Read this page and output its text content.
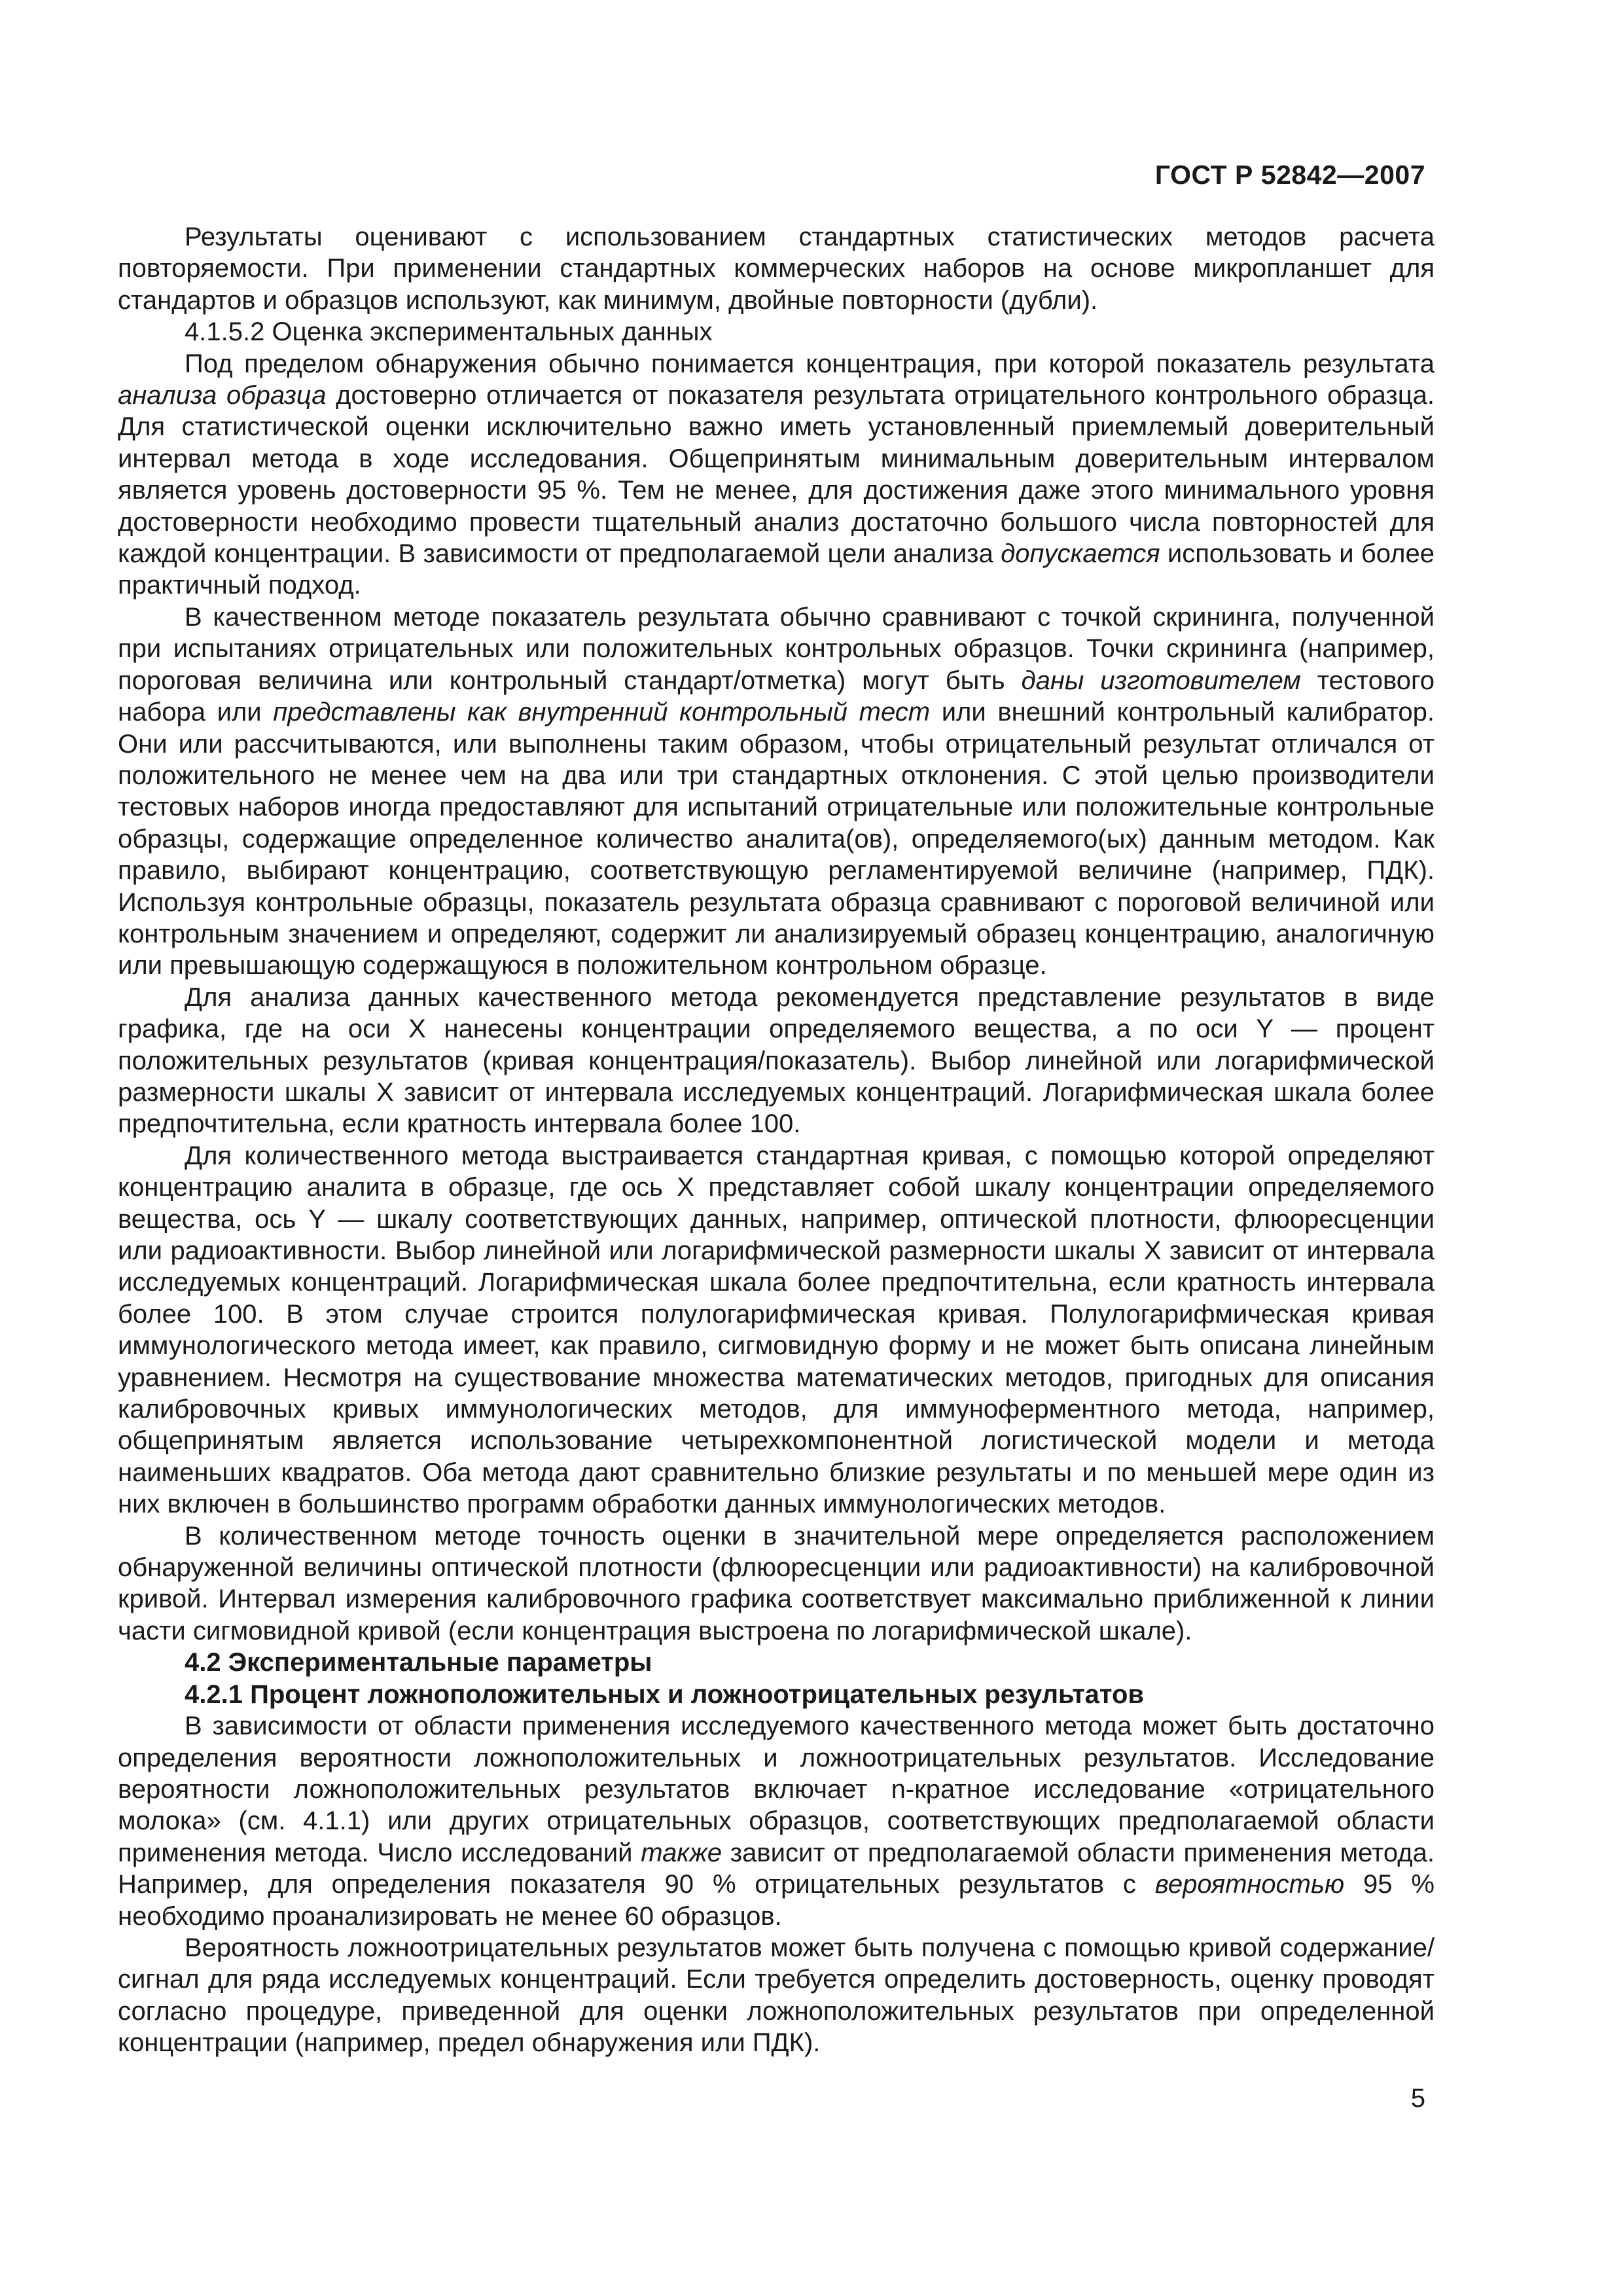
ГОСТ Р 52842—2007

Результаты оценивают с использованием стандартных статистических методов расчета повторяемости. При применении стандартных коммерческих наборов на основе микропланшет для стандартов и образцов используют, как минимум, двойные повторности (дубли).

4.1.5.2 Оценка экспериментальных данных

Под пределом обнаружения обычно понимается концентрация, при которой показатель результата анализа образца достоверно отличается от показателя результата отрицательного контрольного образца. Для статистической оценки исключительно важно иметь установленный приемлемый доверительный интервал метода в ходе исследования. Общепринятым минимальным доверительным интервалом является уровень достоверности 95 %. Тем не менее, для достижения даже этого минимального уровня достоверности необходимо провести тщательный анализ достаточно большого числа повторностей для каждой концентрации. В зависимости от предполагаемой цели анализа допускается использовать и более практичный подход.

В качественном методе показатель результата обычно сравнивают с точкой скрининга, полученной при испытаниях отрицательных или положительных контрольных образцов. Точки скрининга (например, пороговая величина или контрольный стандарт/отметка) могут быть даны изготовителем тестового набора или представлены как внутренний контрольный тест или внешний контрольный калибратор. Они или рассчитываются, или выполнены таким образом, чтобы отрицательный результат отличался от положительного не менее чем на два или три стандартных отклонения. С этой целью производители тестовых наборов иногда предоставляют для испытаний отрицательные или положительные контрольные образцы, содержащие определенное количество аналита(ов), определяемого(ых) данным методом. Как правило, выбирают концентрацию, соответствующую регламентируемой величине (например, ПДК). Используя контрольные образцы, показатель результата образца сравнивают с пороговой величиной или контрольным значением и определяют, содержит ли анализируемый образец концентрацию, аналогичную или превышающую содержащуюся в положительном контрольном образце.

Для анализа данных качественного метода рекомендуется представление результатов в виде графика, где на оси X нанесены концентрации определяемого вещества, а по оси Y — процент положительных результатов (кривая концентрация/показатель). Выбор линейной или логарифмической размерности шкалы X зависит от интервала исследуемых концентраций. Логарифмическая шкала более предпочтительна, если кратность интервала более 100.

Для количественного метода выстраивается стандартная кривая, с помощью которой определяют концентрацию аналита в образце, где ось X представляет собой шкалу концентрации определяемого вещества, ось Y — шкалу соответствующих данных, например, оптической плотности, флюоресценции или радиоактивности. Выбор линейной или логарифмической размерности шкалы X зависит от интервала исследуемых концентраций. Логарифмическая шкала более предпочтительна, если кратность интервала более 100. В этом случае строится полулогарифмическая кривая. Полулогарифмическая кривая иммунологического метода имеет, как правило, сигмовидную форму и не может быть описана линейным уравнением. Несмотря на существование множества математических методов, пригодных для описания калибровочных кривых иммунологических методов, для иммуноферментного метода, например, общепринятым является использование четырехкомпонентной логистической модели и метода наименьших квадратов. Оба метода дают сравнительно близкие результаты и по меньшей мере один из них включен в большинство программ обработки данных иммунологических методов.

В количественном методе точность оценки в значительной мере определяется расположением обнаруженной величины оптической плотности (флюоресценции или радиоактивности) на калибровочной кривой. Интервал измерения калибровочного графика соответствует максимально приближенной к линии части сигмовидной кривой (если концентрация выстроена по логарифмической шкале).

4.2 Экспериментальные параметры

4.2.1 Процент ложноположительных и ложноотрицательных результатов

В зависимости от области применения исследуемого качественного метода может быть достаточно определения вероятности ложноположительных и ложноотрицательных результатов. Исследование вероятности ложноположительных результатов включает n-кратное исследование «отрицательного молока» (см. 4.1.1) или других отрицательных образцов, соответствующих предполагаемой области применения метода. Число исследований также зависит от предполагаемой области применения метода. Например, для определения показателя 90 % отрицательных результатов с вероятностью 95 % необходимо проанализировать не менее 60 образцов.

Вероятность ложноотрицательных результатов может быть получена с помощью кривой содержание/сигнал для ряда исследуемых концентраций. Если требуется определить достоверность, оценку проводят согласно процедуре, приведенной для оценки ложноположительных результатов при определенной концентрации (например, предел обнаружения или ПДК).

5
